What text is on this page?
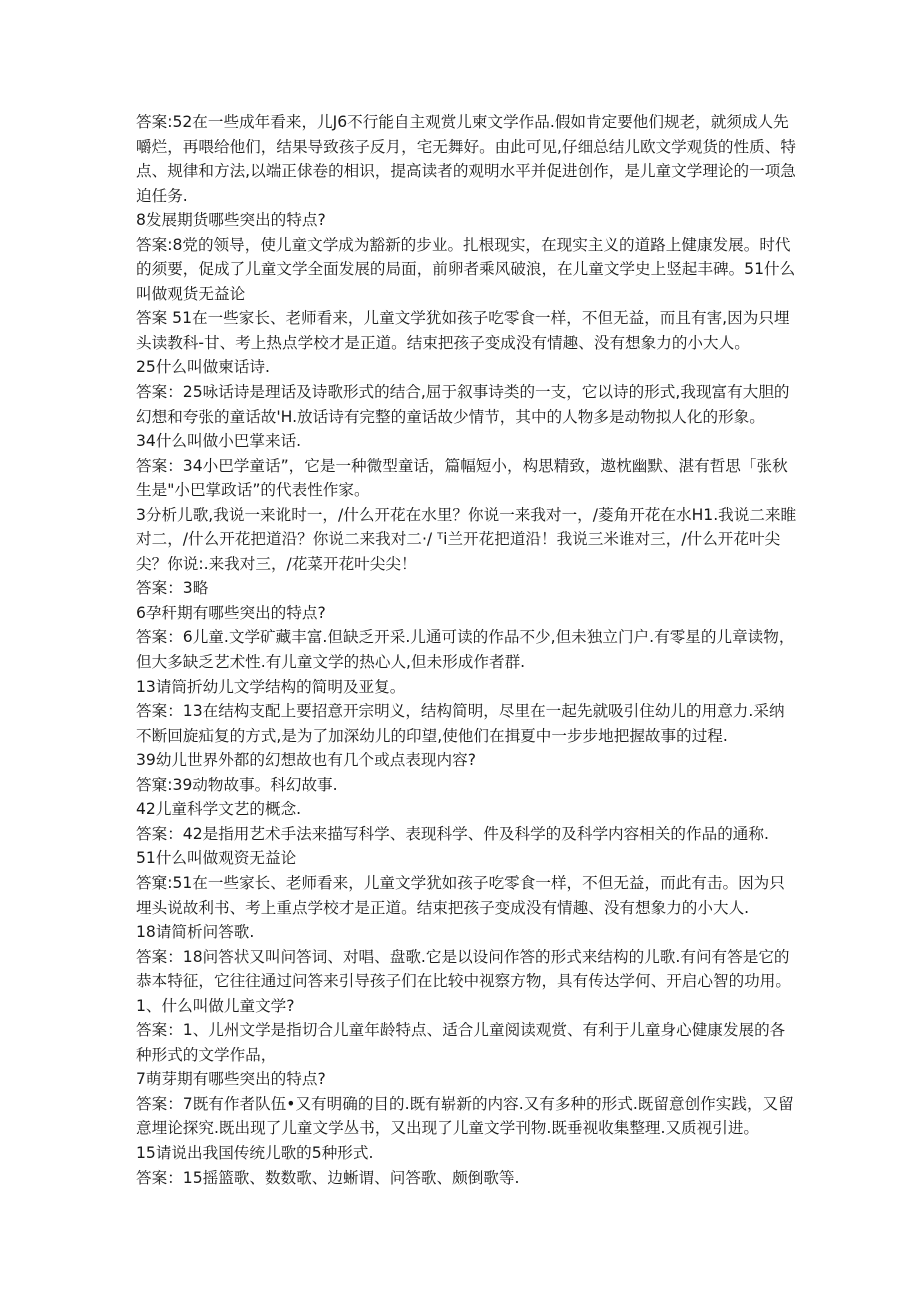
答案:52在一些成年看来，儿J6不行能自主观赏儿柬文学作品.假如肯定要他们规老，就须成人先
嚼烂，再喂给他们，结果导致孩子反月，宅无舞好。由此可见,仔细总结儿欧文学观货的性质、特
点、规律和方法,以端正俅卷的相识，提高读者的观明水平并促进创作，是儿童文学理论的一项急
迫任务.
8发展期货哪些突出的特点?
答案:8党的领导，使儿童文学成为豁新的步业。扎根现实，在现实主义的道路上健康发展。时代
的须要，促成了儿童文学全面发展的局面，前卵者乘风破浪，在儿童文学史上竖起丰碑。51什么
叫做观货无益论
答案 51在一些家长、老师看来，儿童文学犹如孩子吃零食一样，不但无益，而且有害,因为只埋
头读教科-甘、考上热点学校才是正道。结束把孩子变成没有情趣、没有想象力的小大人。
25什么叫做柬话诗.
答案：25咏话诗是理话及诗歌形式的结合,屈于叙事诗类的一支，它以诗的形式,我现富有大胆的
幻想和夸张的童话故'H.放话诗有完整的童话故少情节，其中的人物多是动物拟人化的形象。
34什么叫做小巴掌来话.
答案：34小巴学童话”，它是一种微型童话，篇幅短小，构思精致，遨枕幽默、湛有哲思「张秋
生是"小巴掌政话”的代表性作家。
3分析儿歌,我说一来讹时一，/什么开花在水里？你说一来我对一，/菱角开花在水H1.我说二来睢
对二，/什么开花把道沿？你说二来我对二·/ ᵀi兰开花把道沿！我说三米谁对三，/什么开花叶尖
尖？你说:.来我对三，/花菜开花叶尖尖！
答案：3略
6孕秆期有哪些突出的特点?
答案：6儿童.文学矿藏丰富.但缺乏开采.儿通可读的作品不少,但未独立门户.有零星的儿章读物，
但大多缺乏艺术性.有儿童文学的热心人,但未形成作者群.
13请筒折幼儿文学结构的简明及亚复。
答案：13在结构支配上要招意开宗明义，结构简明，尽里在一起先就吸引住幼儿的用意力.采纳
不断回旋疝复的方式,是为了加深幼儿的印望,使他们在揖夏中一步步地把握故事的过程.
39幼儿世界外都的幻想故也有几个或点表现内容?
答窠:39动物故事。科幻故事.
42儿童科学文艺的概念.
答案：42是指用艺术手法来描写科学、表现科学、件及科学的及科学内容相关的作品的通称.
51什么叫做观资无益论
答窠:51在一些家长、老师看来，儿童文学犹如孩子吃零食一样，不但无益，而此有击。因为只
埋头说故利书、考上重点学校才是正道。结束把孩子变成没有情趣、没有想象力的小大人.
18请简析问答歌.
答案：18问答状又叫问答词、对唱、盘歌.它是以设问作答的形式来结构的儿歌.有问有答是它的
恭本特征，它往往通过问答来引导孩子们在比较中视察方物，具有传达学何、开启心智的功用。
1、什么叫做儿童文学?
答案：1、儿州文学是指切合儿童年龄特点、适合儿童阅读观赏、有利于儿童身心健康发展的各
种形式的文学作品，
7萌芽期有哪些突出的特点?
答案：7既有作者队伍•又有明确的目的.既有崭新的内容.又有多种的形式.既留意创作实践，又留
意埋论探究.既出现了儿童文学丛书，又出现了儿童文学刊物.既垂视收集整理.又质视引进。
15请说出我国传统儿歌的5种形式.
答案：15摇篮歌、数数歌、边蜥谓、问答歌、颇倒歌等.
